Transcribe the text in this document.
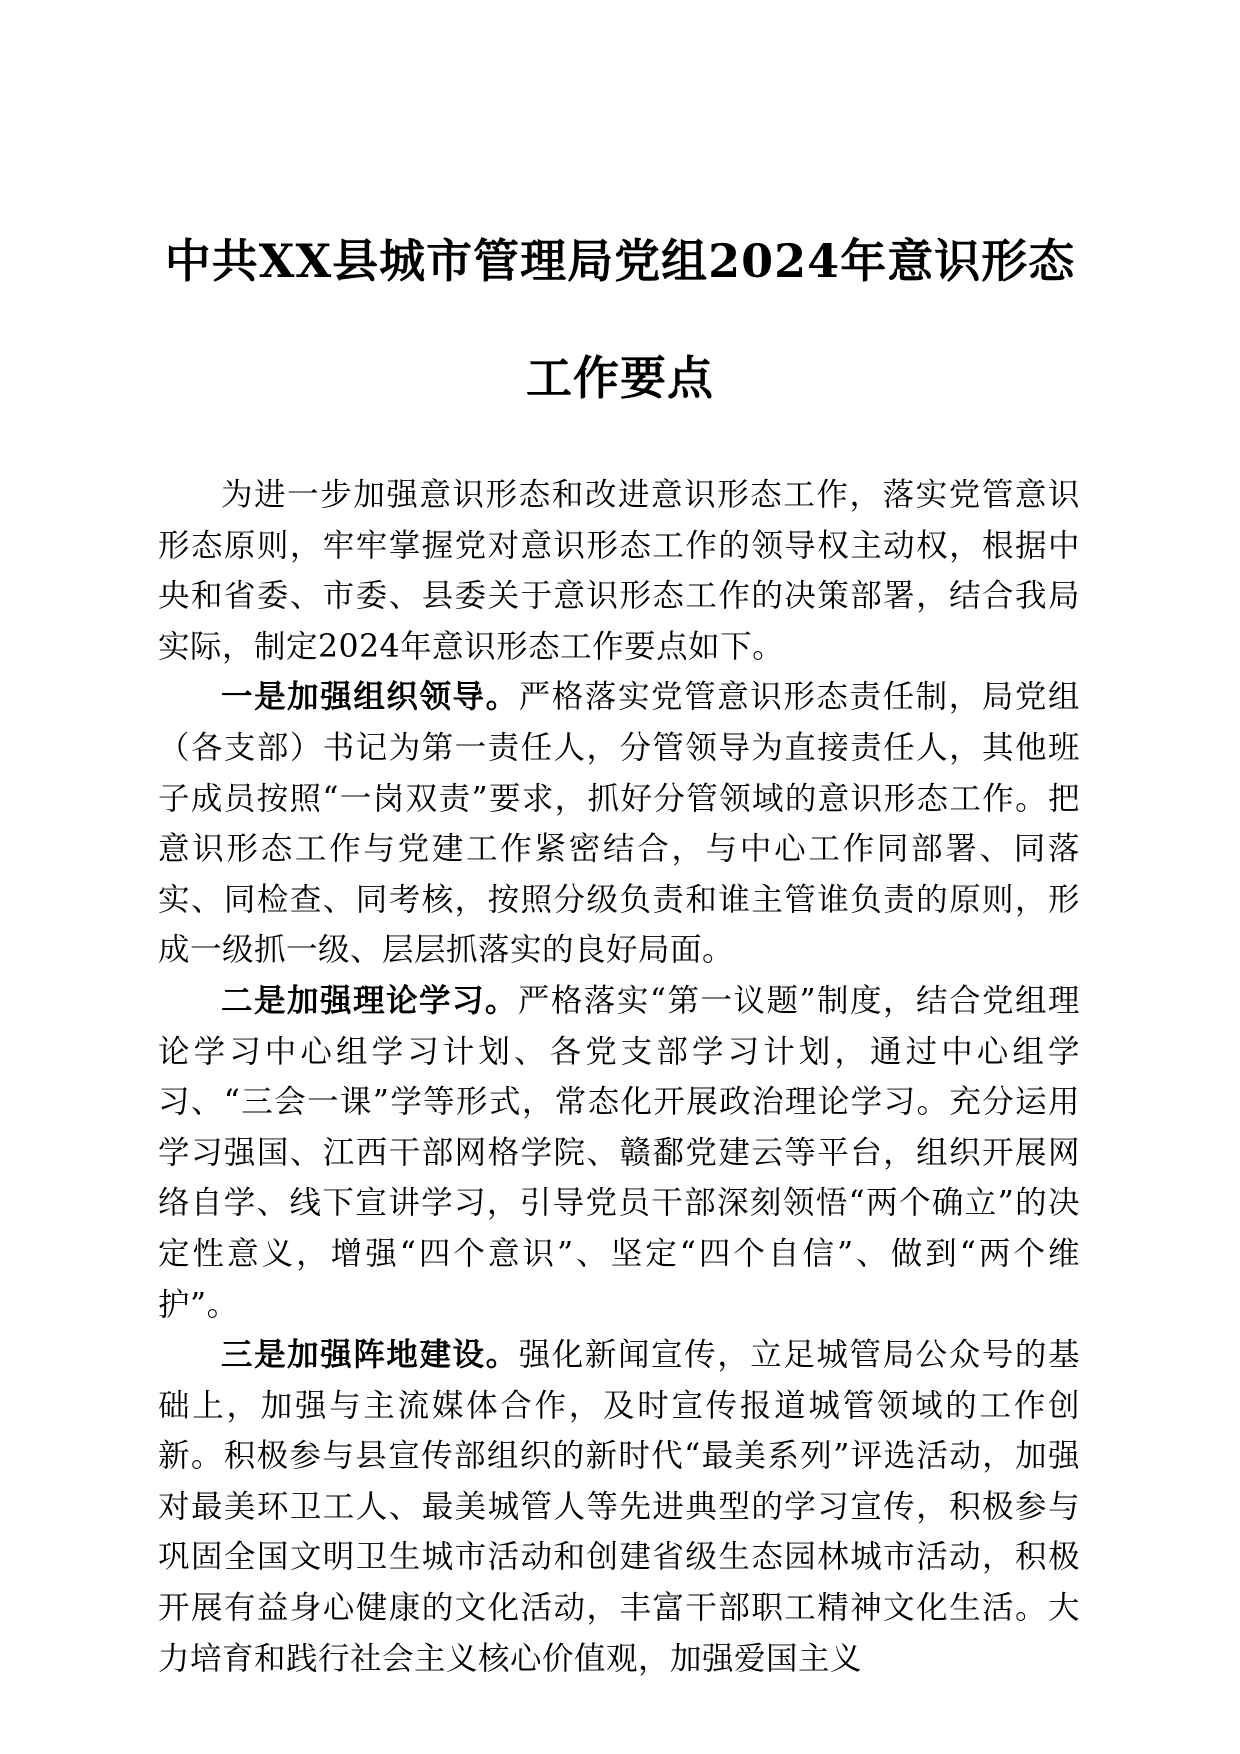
中共XX县城市管理局党组2024年意识形态
工作要点

为进一步加强意识形态和改进意识形态工作，落实党管意识形态原则，牢牢掌握党对意识形态工作的领导权主动权，根据中央和省委、市委、县委关于意识形态工作的决策部署，结合我局实际，制定2024年意识形态工作要点如下。

一是加强组织领导。严格落实党管意识形态责任制，局党组（各支部）书记为第一责任人，分管领导为直接责任人，其他班子成员按照“一岗双责”要求，抓好分管领域的意识形态工作。把意识形态工作与党建工作紧密结合，与中心工作同部署、同落实、同检查、同考核，按照分级负责和谁主管谁负责的原则，形成一级抓一级、层层抓落实的良好局面。

二是加强理论学习。严格落实“第一议题”制度，结合党组理论学习中心组学习计划、各党支部学习计划，通过中心组学习、“三会一课”学等形式，常态化开展政治理论学习。充分运用学习强国、江西干部网格学院、赣鄱党建云等平台，组织开展网络自学、线下宣讲学习，引导党员干部深刻领悟“两个确立”的决定性意义，增强“四个意识”、坚定“四个自信”、做到“两个维护”。

三是加强阵地建设。强化新闻宣传，立足城管局公众号的基础上，加强与主流媒体合作，及时宣传报道城管领域的工作创新。积极参与县宣传部组织的新时代“最美系列”评选活动，加强对最美环卫工人、最美城管人等先进典型的学习宣传，积极参与巩固全国文明卫生城市活动和创建省级生态园林城市活动，积极开展有益身心健康的文化活动，丰富干部职工精神文化生活。大力培育和践行社会主义核心价值观，加强爱国主义
